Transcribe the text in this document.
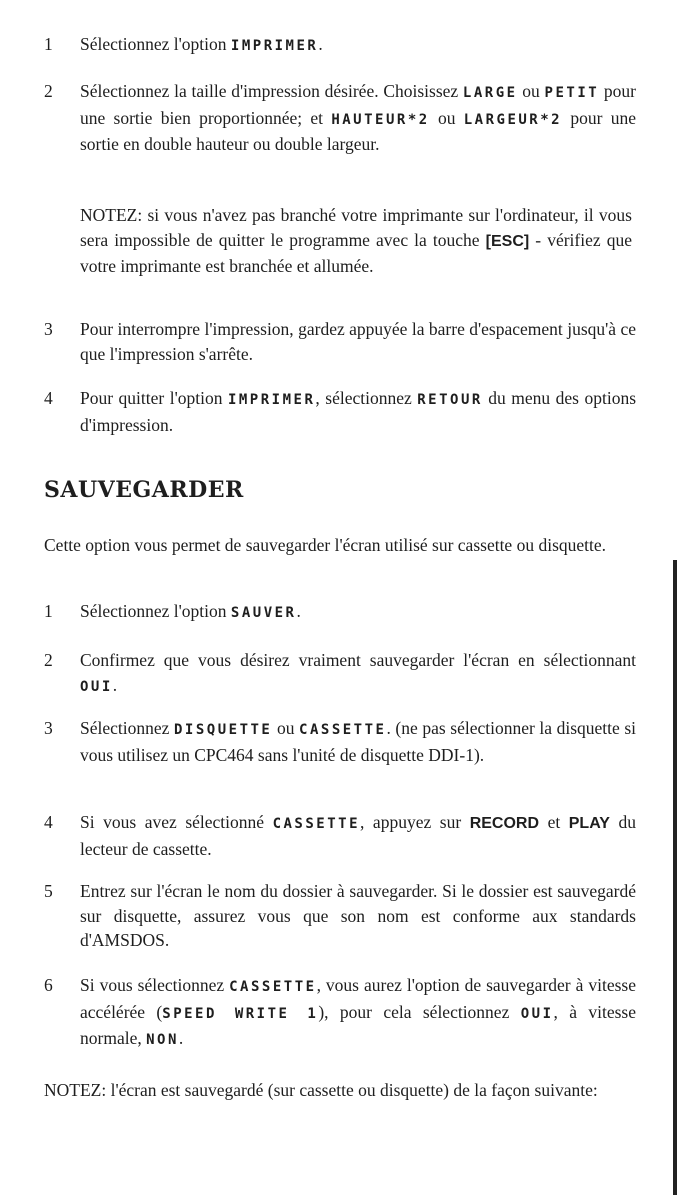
1	Sélectionnez l'option IMPRIMER.
2	Sélectionnez la taille d'impression désirée. Choisissez LARGE ou PETIT pour une sortie bien proportionnée; et HAUTEUR*2 ou LARGEUR*2 pour une sortie en double hauteur ou double largeur.
NOTEZ: si vous n'avez pas branché votre imprimante sur l'ordinateur, il vous sera impossible de quitter le programme avec la touche [ESC] - vérifiez que votre imprimante est branchée et allumée.
3	Pour interrompre l'impression, gardez appuyée la barre d'espacement jusqu'à ce que l'impression s'arrête.
4	Pour quitter l'option IMPRIMER, sélectionnez RETOUR du menu des options d'impression.
SAUVEGARDER
Cette option vous permet de sauvegarder l'écran utilisé sur cassette ou disquette.
1	Sélectionnez l'option SAUVER.
2	Confirmez que vous désirez vraiment sauvegarder l'écran en sélectionnant OUI.
3	Sélectionnez DISQUETTE ou CASSETTE. (ne pas sélectionner la disquette si vous utilisez un CPC464 sans l'unité de disquette DDI-1).
4	Si vous avez sélectionné CASSETTE, appuyez sur RECORD et PLAY du lecteur de cassette.
5	Entrez sur l'écran le nom du dossier à sauvegarder. Si le dossier est sauvegardé sur disquette, assurez vous que son nom est conforme aux standards d'AMSDOS.
6	Si vous sélectionnez CASSETTE, vous aurez l'option de sauvegarder à vitesse accélérée (SPEED WRITE 1), pour cela sélectionnez OUI, à vitesse normale, NON.
NOTEZ: l'écran est sauvegardé (sur cassette ou disquette) de la façon suivante:
